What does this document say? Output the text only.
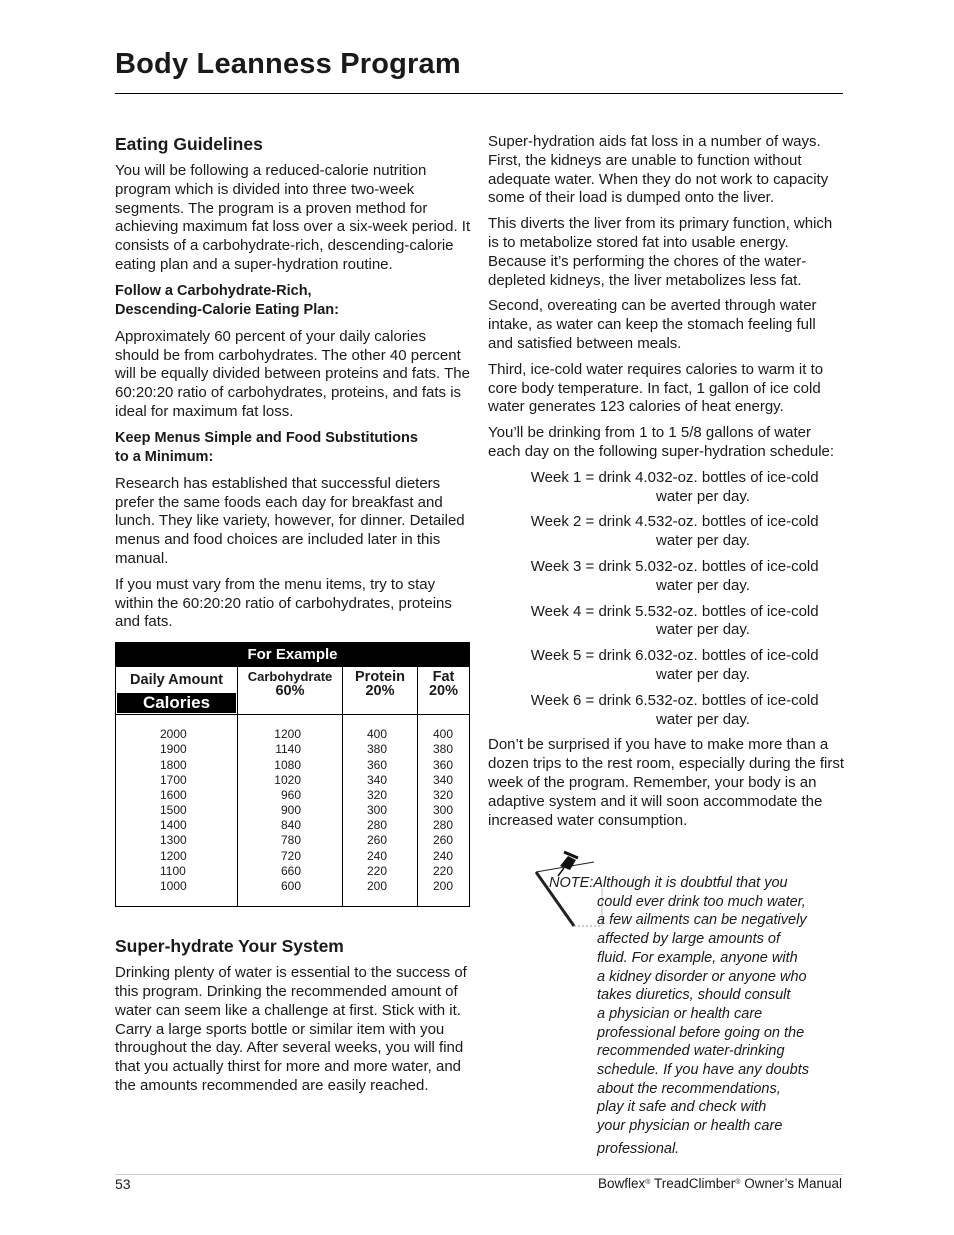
Body Leanness Program
Eating Guidelines

You will be following a reduced-calorie nutrition program which is divided into three two-week segments. The program is a proven method for achieving maximum fat loss over a six-week period. It consists of a carbohydrate-rich, descending-calorie eating plan and a super-hydration routine.

Follow a Carbohydrate-Rich,
Descending-Calorie Eating Plan:

Approximately 60 percent of your daily calories should be from carbohydrates. The other 40 percent will be equally divided between proteins and fats. The 60:20:20 ratio of carbohydrates, proteins, and fats is ideal for maximum fat loss.

Keep Menus Simple and Food Substitutions
to a Minimum:

Research has established that successful dieters prefer the same foods each day for breakfast and lunch. They like variety, however, for dinner. Detailed menus and food choices are included later in this manual.

If you must vary from the menu items, try to stay within the 60:20:20 ratio of carbohydrates, proteins and fats.

For Example
Daily Amount
Calories
2000
1900
1800
1700
1600
1500
1400
1300
1200
1100
1000
Carbohydrate
60%
1200
1140
1080
1020
960
900
840
780
720
660
600
Protein
20%
400
380
360
340
320
300
280
260
240
220
200
Fat
20%
400
380
360
340
320
300
280
260
240
220
200
Super-hydrate Your System

Drinking plenty of water is essential to the success of this program. Drinking the recommended amount of water can seem like a challenge at first. Stick with it. Carry a large sports bottle or similar item with you throughout the day. After several weeks, you will find that you actually thirst for more and more water, and the amounts recommended are easily reached.

Super-hydration aids fat loss in a number of ways. First, the kidneys are unable to function without adequate water. When they do not work to capacity some of their load is dumped onto the liver.

This diverts the liver from its primary function, which is to metabolize stored fat into usable energy. Because it’s performing the chores of the water-depleted kidneys, the liver metabolizes less fat.

Second, overeating can be averted through water intake, as water can keep the stomach feeling full and satisfied between meals.

Third, ice-cold water requires calories to warm it to core body temperature. In fact, 1 gallon of ice cold water generates 123 calories of heat energy.

You’ll be drinking from 1 to 1 5/8 gallons of water each day on the following super-hydration schedule:

Week 1 = drink 4.0 32-oz. bottles of ice-cold
water per day.
Week 2 = drink 4.5 32-oz. bottles of ice-cold
water per day.
Week 3 = drink 5.0 32-oz. bottles of ice-cold
water per day.
Week 4 = drink 5.5 32-oz. bottles of ice-cold
water per day.
Week 5 = drink 6.0 32-oz. bottles of ice-cold
water per day.
Week 6 = drink 6.5 32-oz. bottles of ice-cold
water per day.

Don’t be surprised if you have to make more than a dozen trips to the rest room, especially during the first week of the program. Remember, your body is an adaptive system and it will soon accommodate the increased water consumption.

NOTE:Although it is doubtful that you
could ever drink too much water,
a few ailments can be negatively
affected by large amounts of
fluid. For example, anyone with
a kidney disorder or anyone who
takes diuretics, should consult
a physician or health care
professional before going on the
recommended water-drinking
schedule. If you have any doubts
about the recommendations,
play it safe and check with
your physician or health care
professional.
53	Bowflex® TreadClimber® Owner’s Manual
